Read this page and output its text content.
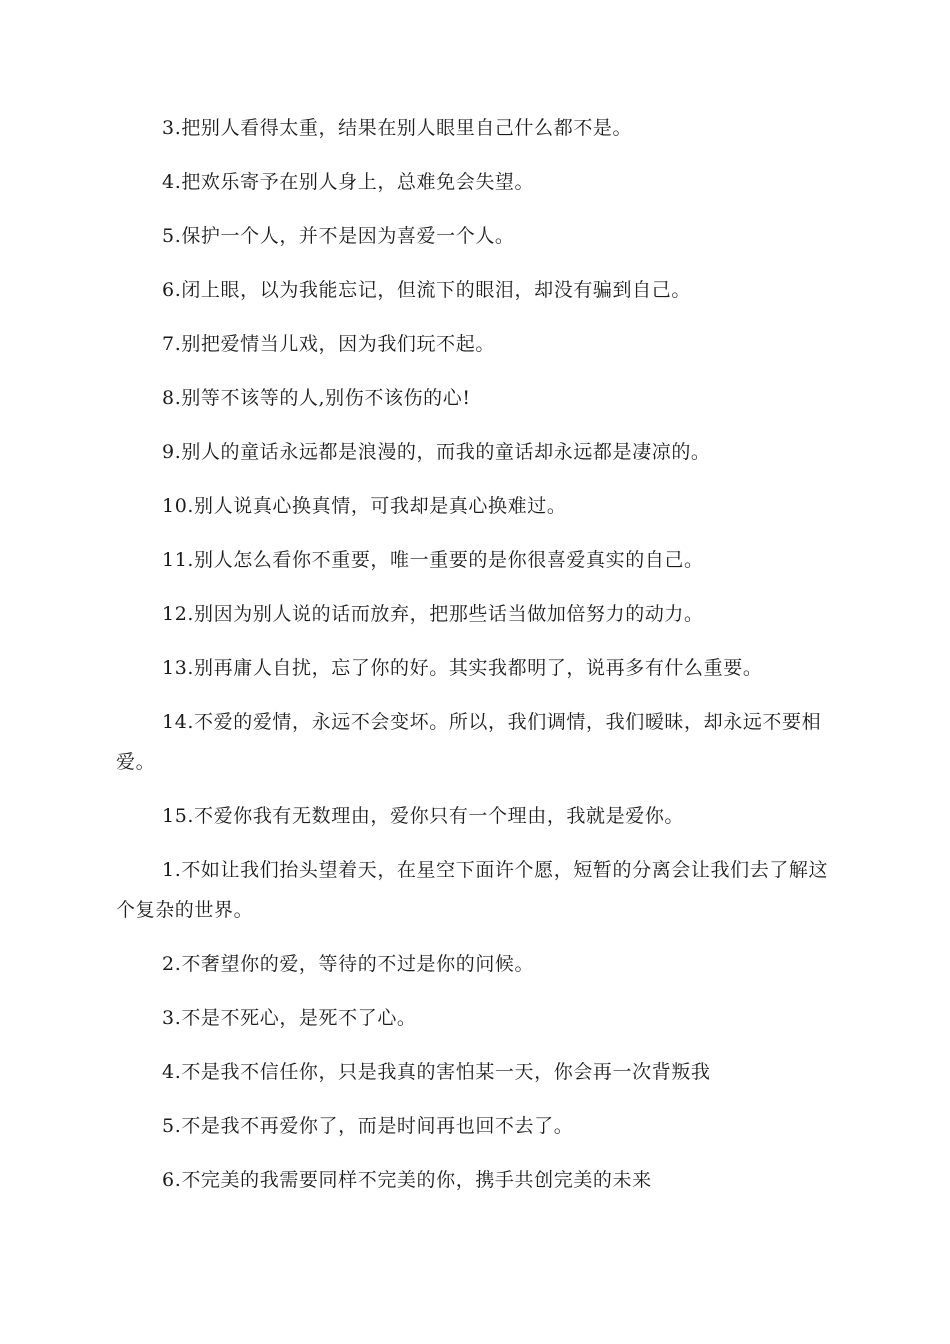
3.把别人看得太重，结果在别人眼里自己什么都不是。

4.把欢乐寄予在别人身上，总难免会失望。

5.保护一个人，并不是因为喜爱一个人。

6.闭上眼，以为我能忘记，但流下的眼泪，却没有骗到自己。

7.别把爱情当儿戏，因为我们玩不起。

8.别等不该等的人,别伤不该伤的心!

9.别人的童话永远都是浪漫的，而我的童话却永远都是凄凉的。

10.别人说真心换真情，可我却是真心换难过。

11.别人怎么看你不重要，唯一重要的是你很喜爱真实的自己。

12.别因为别人说的话而放弃，把那些话当做加倍努力的动力。

13.别再庸人自扰，忘了你的好。其实我都明了，说再多有什么重要。

14.不爱的爱情，永远不会变坏。所以，我们调情，我们暧昧，却永远不要相爱。

15.不爱你我有无数理由，爱你只有一个理由，我就是爱你。

1.不如让我们抬头望着天，在星空下面许个愿，短暂的分离会让我们去了解这个复杂的世界。

2.不奢望你的爱，等待的不过是你的问候。

3.不是不死心，是死不了心。

4.不是我不信任你，只是我真的害怕某一天，你会再一次背叛我

5.不是我不再爱你了，而是时间再也回不去了。

6.不完美的我需要同样不完美的你，携手共创完美的未来
